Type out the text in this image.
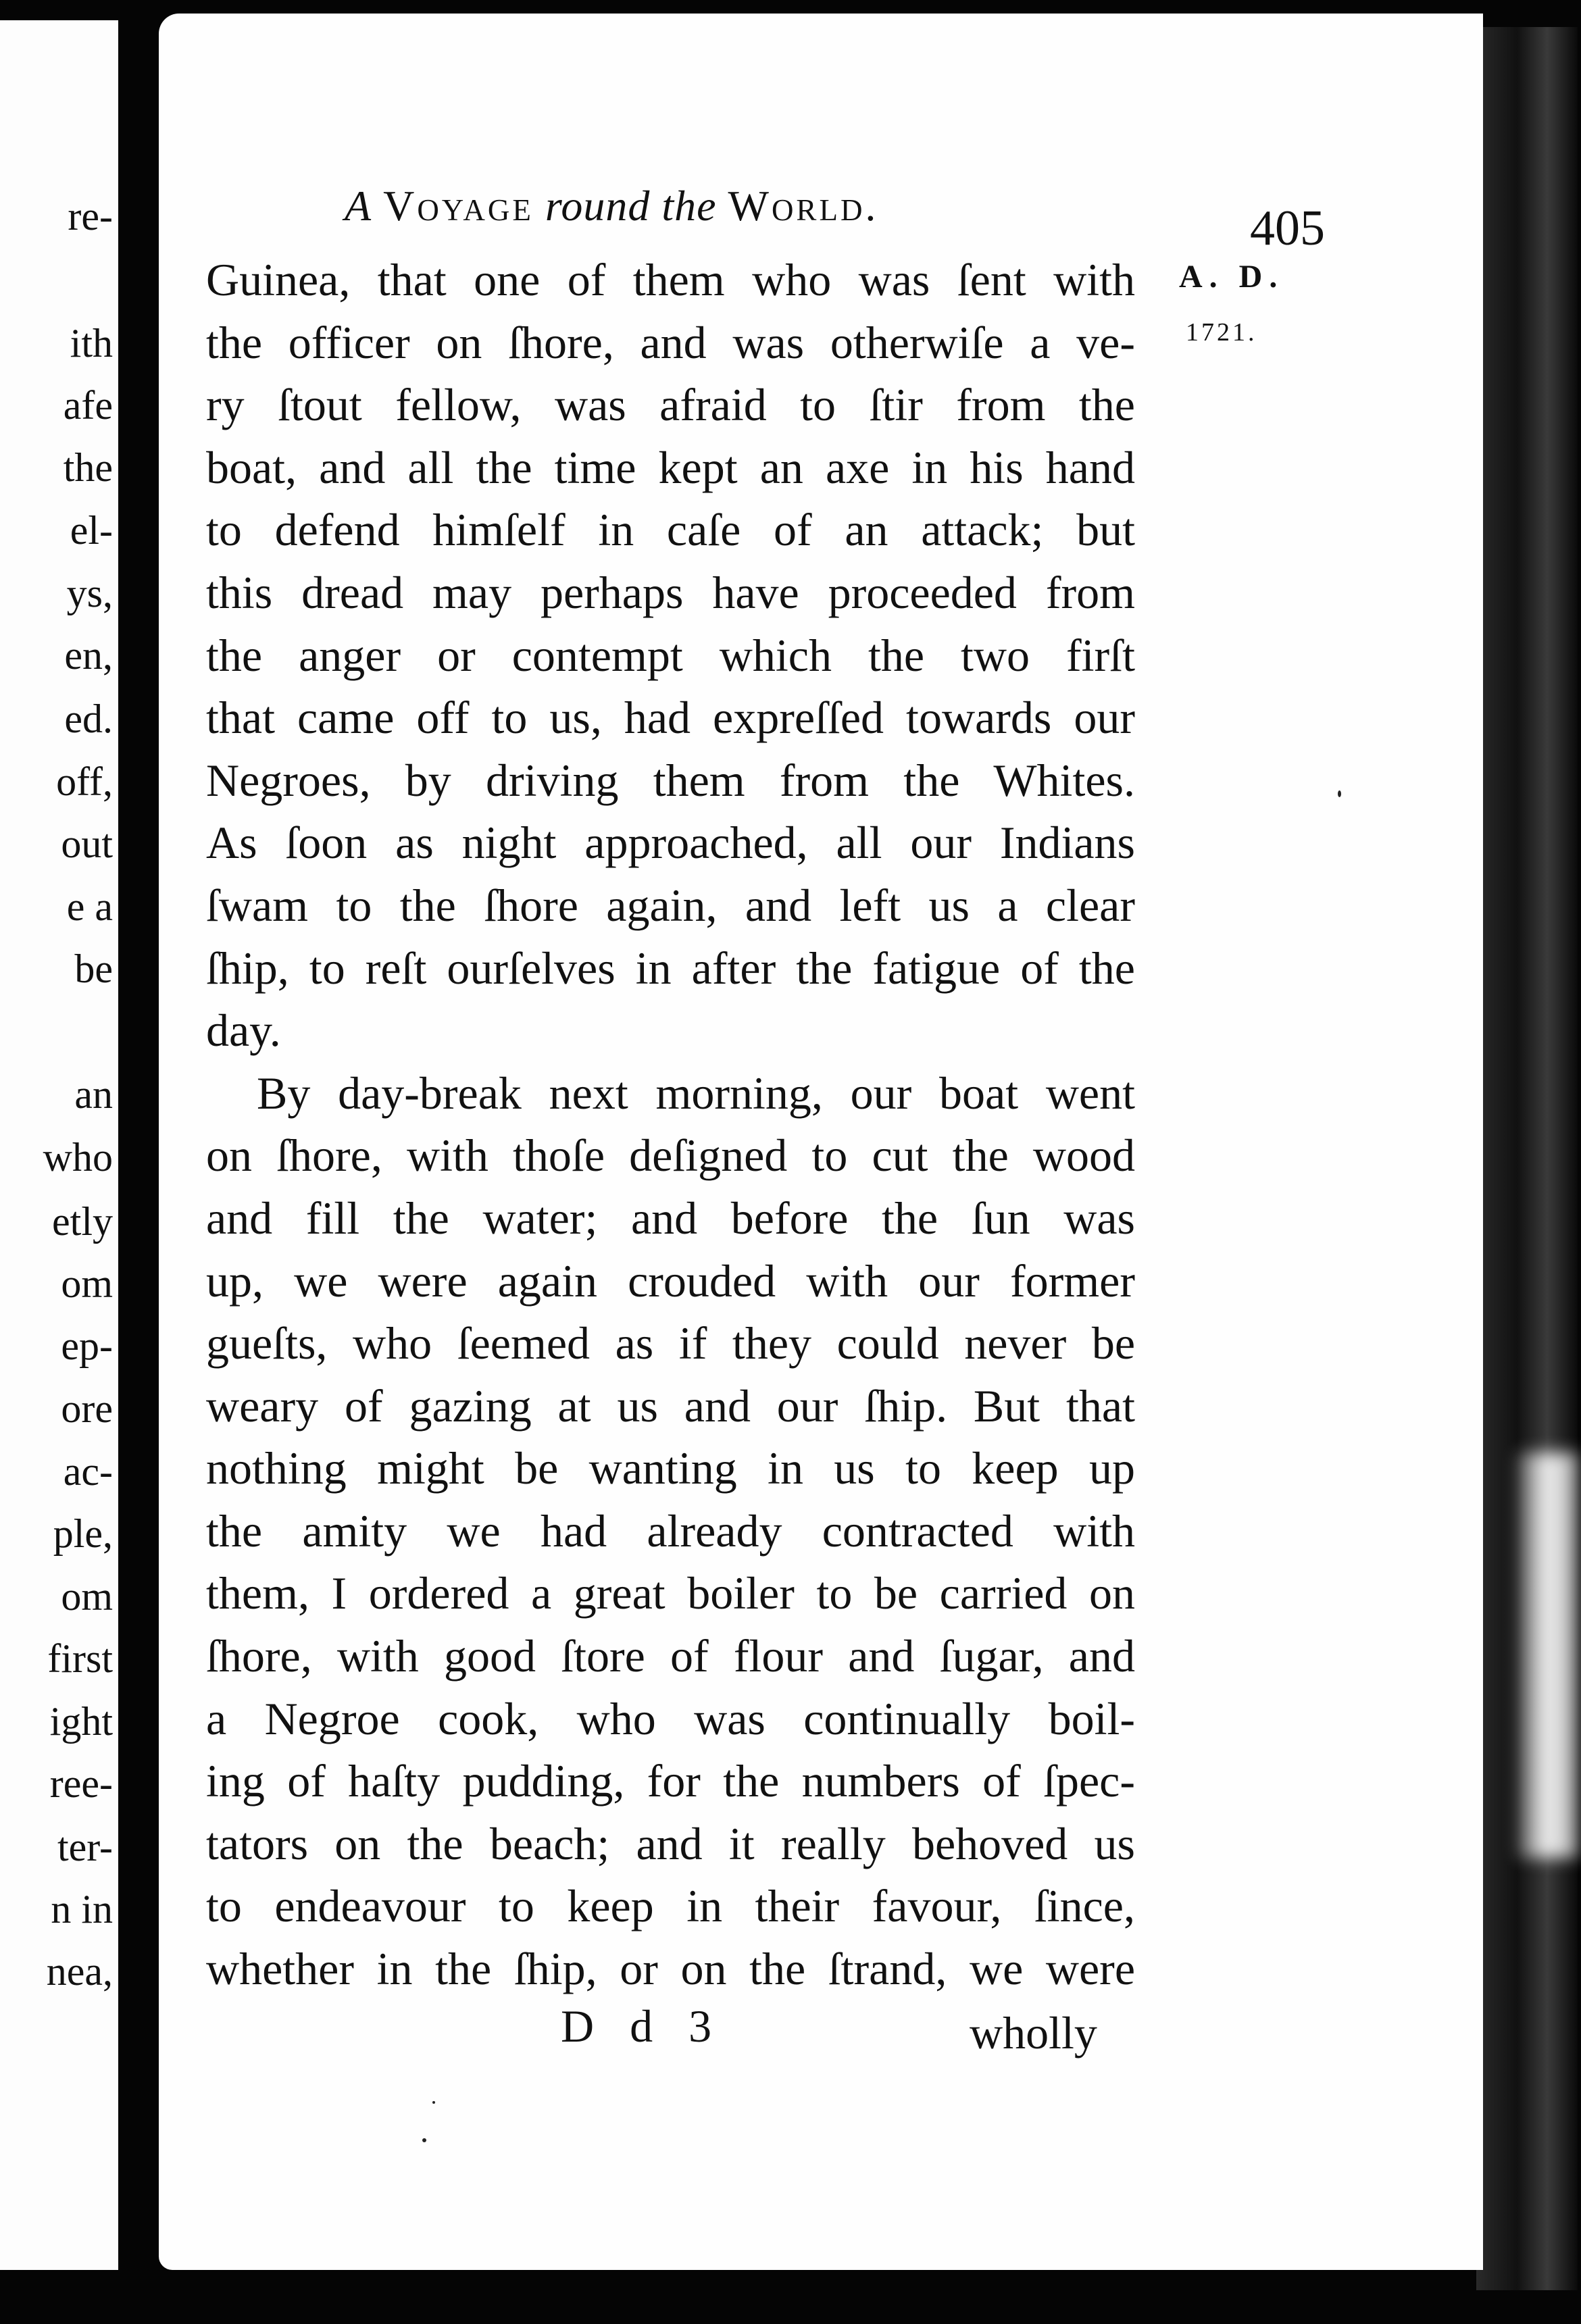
re-
ith
afe
the
el-
ys,
en,
ed.
off,
out
e a
be
an
who
etly
om
ep-
ore
ac-
ple,
om
first
ight
ree-
ter-
n in
nea,
A Voyage round the World.	405
A. D.
1721.
Guinea, that one of them who was ſent with
the officer on ſhore, and was otherwiſe a ve-
ry ſtout fellow, was afraid to ſtir from the
boat, and all the time kept an axe in his hand
to defend himſelf in caſe of an attack; but
this dread may perhaps have proceeded from
the anger or contempt which the two firſt
that came off to us, had expreſſed towards our
Negroes, by driving them from the Whites.
As ſoon as night approached, all our Indians
ſwam to the ſhore again, and left us a clear
ſhip, to reſt ourſelves in after the fatigue of the
day.
By day-break next morning, our boat went
on ſhore, with thoſe deſigned to cut the wood
and fill the water; and before the ſun was
up, we were again crouded with our former
gueſts, who ſeemed as if they could never be
weary of gazing at us and our ſhip. But that
nothing might be wanting in us to keep up
the amity we had already contracted with
them, I ordered a great boiler to be carried on
ſhore, with good ſtore of flour and ſugar, and
a Negroe cook, who was continually boil-
ing of haſty pudding, for the numbers of ſpec-
tators on the beach; and it really behoved us
to endeavour to keep in their favour, ſince,
whether in the ſhip, or on the ſtrand, we were
D d 3	wholly
